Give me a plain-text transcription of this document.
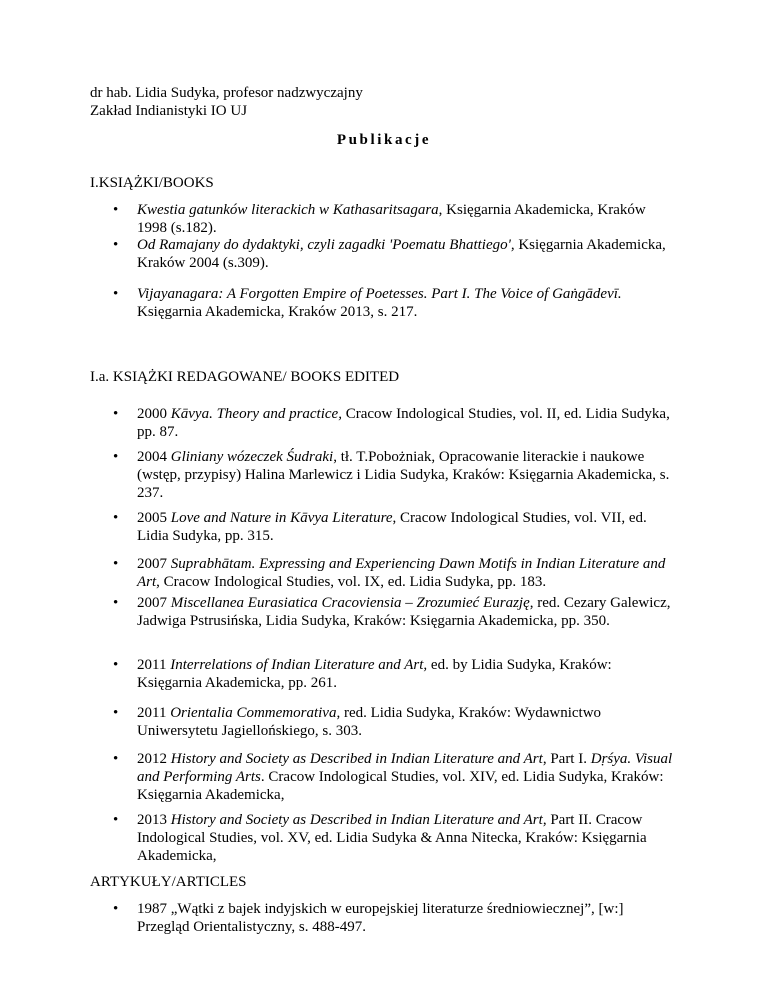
dr hab. Lidia Sudyka, profesor nadzwyczajny
Zakład Indianistyki IO UJ
Publikacje
I.KSIĄŻKI/BOOKS
• Kwestia gatunków literackich w Kathasaritsagara, Księgarnia Akademicka, Kraków 1998 (s.182).
• Od Ramajany do dydaktyki, czyli zagadki 'Poematu Bhattiego', Księgarnia Akademicka, Kraków 2004 (s.309).
• Vijayanagara: A Forgotten Empire of Poetesses. Part I. The Voice of Gaṅgādevī. Księgarnia Akademicka, Kraków 2013, s. 217.
I.a. KSIĄŻKI REDAGOWANE/ BOOKS EDITED
• 2000 Kāvya. Theory and practice, Cracow Indological Studies, vol. II, ed. Lidia Sudyka, pp. 87.
• 2004 Gliniany wózeczek Śudraki, tł. T.Pobożniak, Opracowanie literackie i naukowe (wstęp, przypisy) Halina Marlewicz i Lidia Sudyka, Kraków: Księgarnia Akademicka, s. 237.
• 2005 Love and Nature in Kāvya Literature, Cracow Indological Studies, vol. VII, ed. Lidia Sudyka, pp. 315.
• 2007 Suprabhātam. Expressing and Experiencing Dawn Motifs in Indian Literature and Art, Cracow Indological Studies, vol. IX, ed. Lidia Sudyka, pp. 183.
• 2007 Miscellanea Eurasiatica Cracoviensia – Zrozumieć Eurazję, red. Cezary Galewicz, Jadwiga Pstrusińska, Lidia Sudyka, Kraków: Księgarnia Akademicka, pp. 350.
• 2011 Interrelations of Indian Literature and Art, ed. by Lidia Sudyka, Kraków: Księgarnia Akademicka, pp. 261.
• 2011 Orientalia Commemorativa, red. Lidia Sudyka, Kraków: Wydawnictwo Uniwersytetu Jagiellońskiego, s. 303.
• 2012 History and Society as Described in Indian Literature and Art, Part I. Dṛśya. Visual and Performing Arts. Cracow Indological Studies, vol. XIV, ed. Lidia Sudyka, Kraków: Księgarnia Akademicka,
• 2013 History and Society as Described in Indian Literature and Art, Part II. Cracow Indological Studies, vol. XV, ed. Lidia Sudyka & Anna Nitecka, Kraków: Księgarnia Akademicka,
ARTYKUŁY/ARTICLES
• 1987 „Wątki z bajek indyjskich w europejskiej literaturze średniowiecznej”, [w:] Przegląd Orientalistyczny, s. 488-497.
